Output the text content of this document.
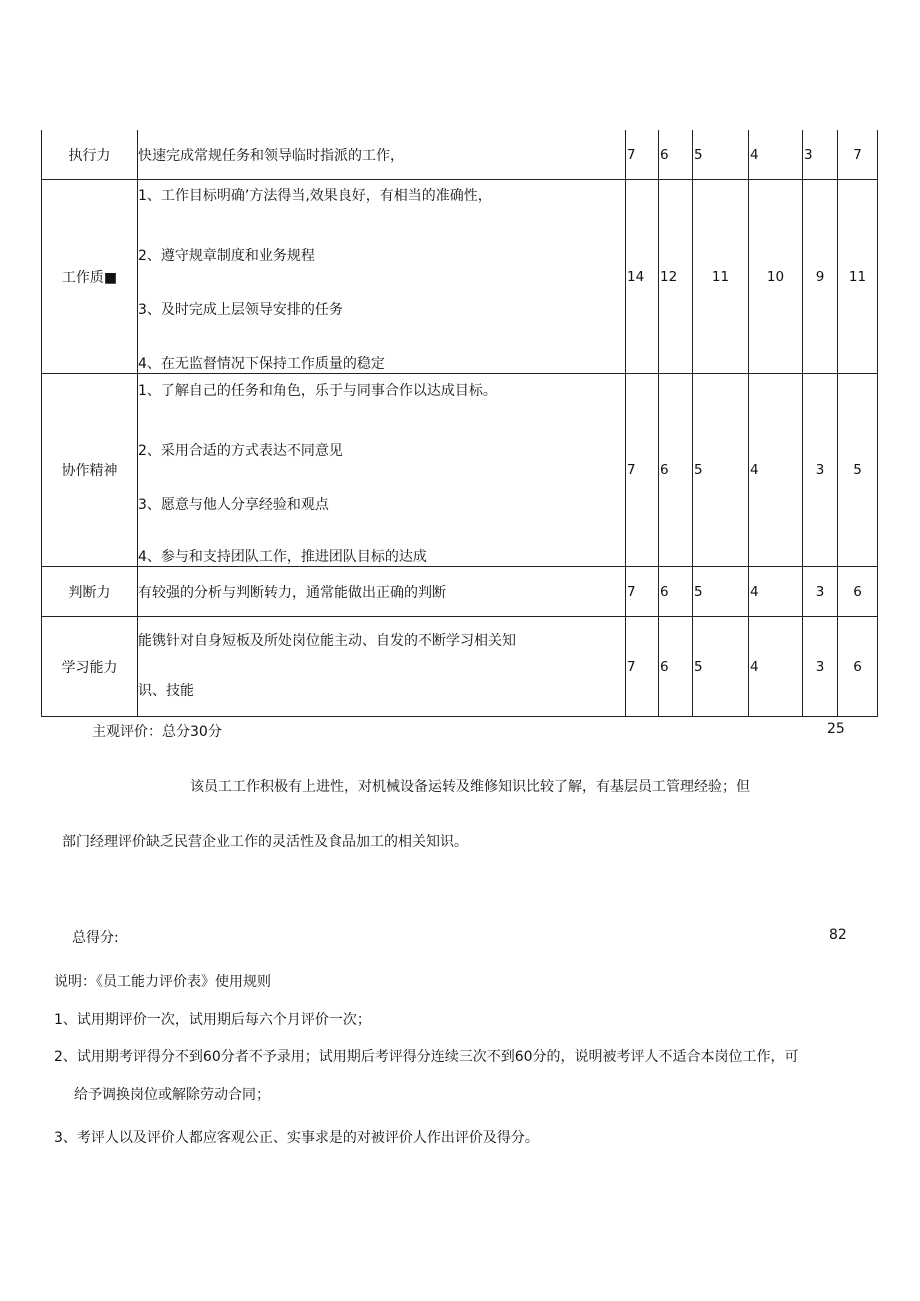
执行力	快速完成常规任务和领导临时指派的工作，	7	6	5	4	3	7
工作质■	1、工作目标明确’方法得当,效果良好，有相当的准确性，
2、遵守规章制度和业务规程
3、及时完成上层领导安排的任务
4、在无监督情况下保持工作质量的稳定	14	12	11	10	9	11
协作精神	1、了解自己的任务和角色，乐于与同事合作以达成目标。
2、采用合适的方式表达不同意见
3、愿意与他人分享经验和观点
4、参与和支持团队工作，推进团队目标的达成	7	6	5	4	3	5
判断力	有较强的分析与判断转力，通常能做出正确的判断	7	6	5	4	3	6
学习能力	能镌针对自身短板及所处岗位能主动、自发的不断学习相关知
识、技能	7	6	5	4	3	6
主观评价：总分30分	25
该员工工作积极有上进性，对机械设备运转及维修知识比较了解，有基层员工管理经验；但
部门经理评价缺乏民营企业工作的灵活性及食品加工的相关知识。
总得分:	82
说明：《员工能力评价表》使用规则
1、试用期评价一次，试用期后每六个月评价一次；
2、试用期考评得分不到60分者不予录用；试用期后考评得分连续三次不到60分的，说明被考评人不适合本岗位工作，可
给予调换岗位或解除劳动合同；
3、考评人以及评价人都应客观公正、实事求是的对被评价人作出评价及得分。
